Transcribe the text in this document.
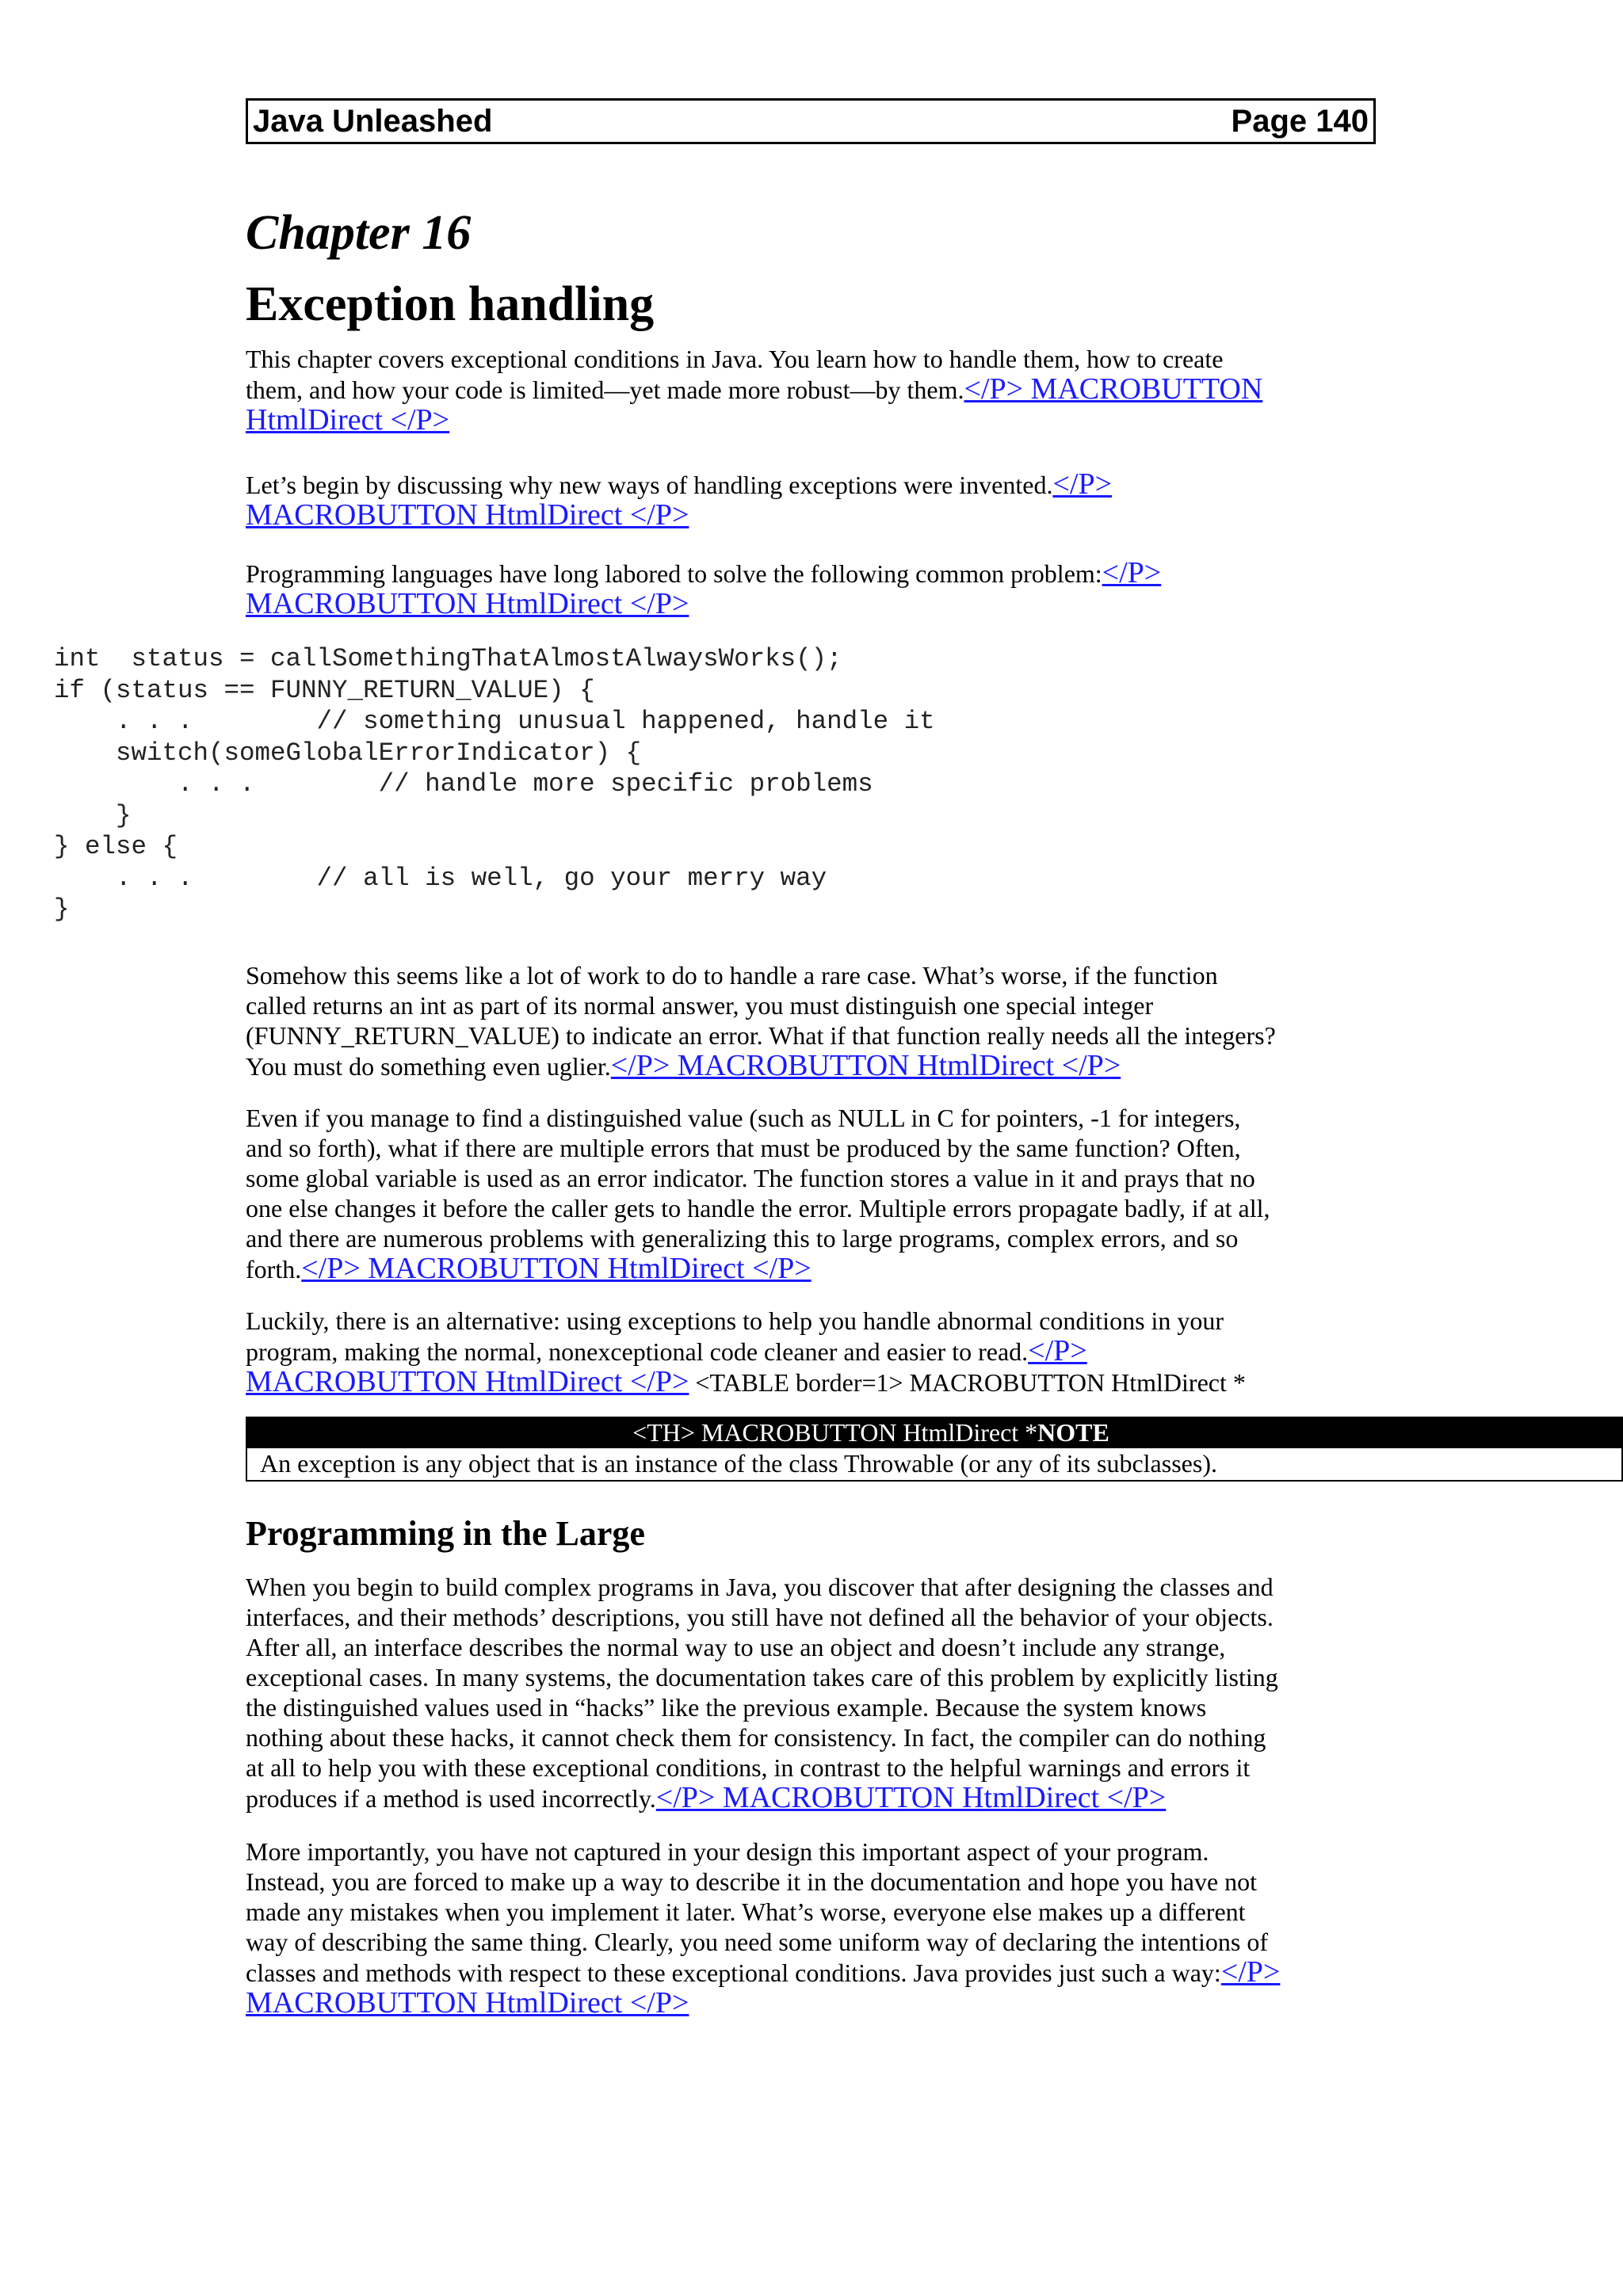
Java Unleashed	Page 140
Chapter 16
Exception handling
This chapter covers exceptional conditions in Java. You learn how to handle them, how to create
them, and how your code is limited—yet made more robust—by them.</P> MACROBUTTON
HtmlDirect </P>
Let’s begin by discussing why new ways of handling exceptions were invented.</P>
MACROBUTTON HtmlDirect </P>
Programming languages have long labored to solve the following common problem:</P>
MACROBUTTON HtmlDirect </P>
int  status = callSomethingThatAlmostAlwaysWorks();
if (status == FUNNY_RETURN_VALUE) {
. . .        // something unusual happened, handle it
switch(someGlobalErrorIndicator) {
. . .        // handle more specific problems
}
} else {
. . .        // all is well, go your merry way
}
Somehow this seems like a lot of work to do to handle a rare case. What’s worse, if the function
called returns an int as part of its normal answer, you must distinguish one special integer
(FUNNY_RETURN_VALUE) to indicate an error. What if that function really needs all the integers?
You must do something even uglier.</P> MACROBUTTON HtmlDirect </P>
Even if you manage to find a distinguished value (such as NULL in C for pointers, -1 for integers,
and so forth), what if there are multiple errors that must be produced by the same function? Often,
some global variable is used as an error indicator. The function stores a value in it and prays that no
one else changes it before the caller gets to handle the error. Multiple errors propagate badly, if at all,
and there are numerous problems with generalizing this to large programs, complex errors, and so
forth.</P> MACROBUTTON HtmlDirect </P>
Luckily, there is an alternative: using exceptions to help you handle abnormal conditions in your
program, making the normal, nonexceptional code cleaner and easier to read.</P>
MACROBUTTON HtmlDirect </P> <TABLE border=1> MACROBUTTON HtmlDirect *
<TH> MACROBUTTON HtmlDirect *NOTE
An exception is any object that is an instance of the class Throwable (or any of its subclasses).
Programming in the Large
When you begin to build complex programs in Java, you discover that after designing the classes and
interfaces, and their methods’ descriptions, you still have not defined all the behavior of your objects.
After all, an interface describes the normal way to use an object and doesn’t include any strange,
exceptional cases. In many systems, the documentation takes care of this problem by explicitly listing
the distinguished values used in “hacks” like the previous example. Because the system knows
nothing about these hacks, it cannot check them for consistency. In fact, the compiler can do nothing
at all to help you with these exceptional conditions, in contrast to the helpful warnings and errors it
produces if a method is used incorrectly.</P> MACROBUTTON HtmlDirect </P>
More importantly, you have not captured in your design this important aspect of your program.
Instead, you are forced to make up a way to describe it in the documentation and hope you have not
made any mistakes when you implement it later. What’s worse, everyone else makes up a different
way of describing the same thing. Clearly, you need some uniform way of declaring the intentions of
classes and methods with respect to these exceptional conditions. Java provides just such a way:</P>
MACROBUTTON HtmlDirect </P>
